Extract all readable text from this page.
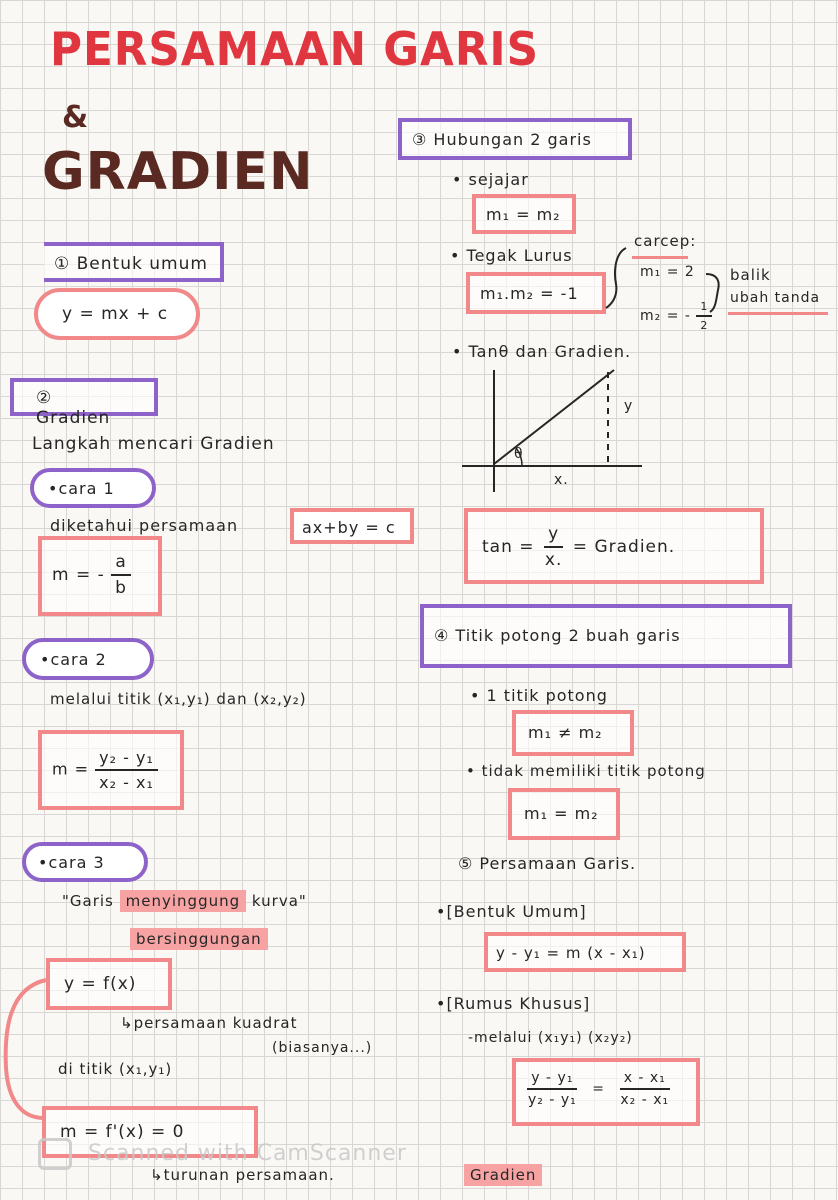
PERSAMAAN GARIS
&
GRADIEN
① Bentuk umum
y = mx + c
② Gradien
Langkah mencari Gradien
•cara 1
diketahui persamaan	ax+by = c
m = - $\frac{a}{b}$
•cara 2
melalui titik (x₁,y₁) dan (x₂,y₂)
$m = \frac{\text{y₂ - y₁}}{\text{x₂ - x₁}}$
•cara 3
"Garis menyinggung kurva"
bersinggungan
y = f(x)
↳persamaan kuadrat
(biasanya...)
di titik (x₁,y₁)
m = f'(x) = 0
↳turunan persamaan.	Gradien
③ Hubungan 2 garis
• sejajar
m₁ = m₂
• Tegak Lurus
m₁.m₂ = -1
carcep:
m₁ = 2
m₂ = - $\frac{1}{2}$
balik
ubah tanda
• Tanθ dan Gradien.
θ
y
x.
$\tan = \frac{y}{x.}$ = Gradien.
④ Titik potong 2 buah garis
• 1 titik potong
m₁ ≠ m₂
• tidak memiliki titik potong
m₁ = m₂
⑤ Persamaan Garis.
•[Bentuk Umum]
y - y₁ = m (x - x₁)
•[Rumus Khusus]
-melalui (x₁y₁) (x₂y₂)
$\frac{\text{y - y₁}}{\text{y₂ - y₁}} = \frac{\text{x - x₁}}{\text{x₂ - x₁}}$
Scanned with CamScanner
